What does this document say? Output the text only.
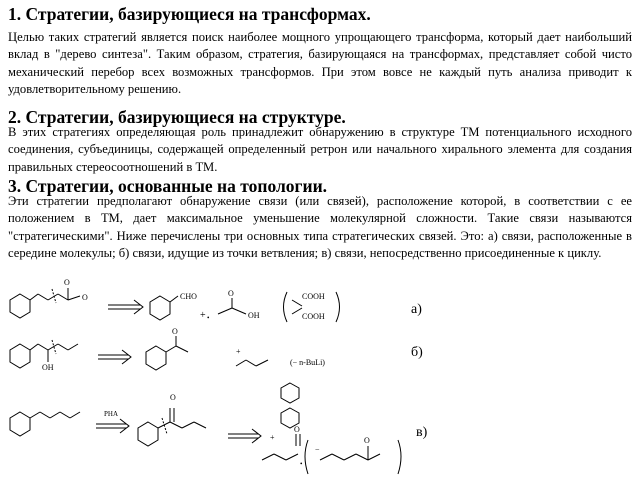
1. Стратегии, базирующиеся на трансформах.
Целью таких стратегий является поиск наиболее мощного упрощающего трансформа, который дает наибольший вклад в "дерево синтеза". Таким образом, стратегия, базирующаяся на трансформах, представляет собой чисто механический перебор всех возможных трансформов. При этом вовсе не каждый путь анализа приводит к удовлетворительному решению.
2. Стратегии, базирующиеся на структуре.
В этих стратегиях определяющая роль принадлежит обнаружению в структуре ТМ потенциального исходного соединения, субъединицы, содержащей определенный ретрон или начального хирального элемента для создания правильных стереосоотношений в ТМ.
3. Стратегии, основанные на топологии.
Эти стратегии предполагают обнаружение связи (или связей), расположение которой, в соответствии с ее положением в ТМ, дает максимальное уменьшение молекулярной сложности. Такие связи называются "стратегическими". Ниже перечислены три основных типа стратегических связей. Это: а) связи, расположенные в середине молекулы; б) связи, идущие из точки ветвления; в) связи, непосредственно присоединенные к циклу.
а)
б)
в)
O
O	CHO
+
O
OH
•
COOH
COOH
OH
O
+
(− n-BuLi)
PHA
O
+
O
•
−
O
